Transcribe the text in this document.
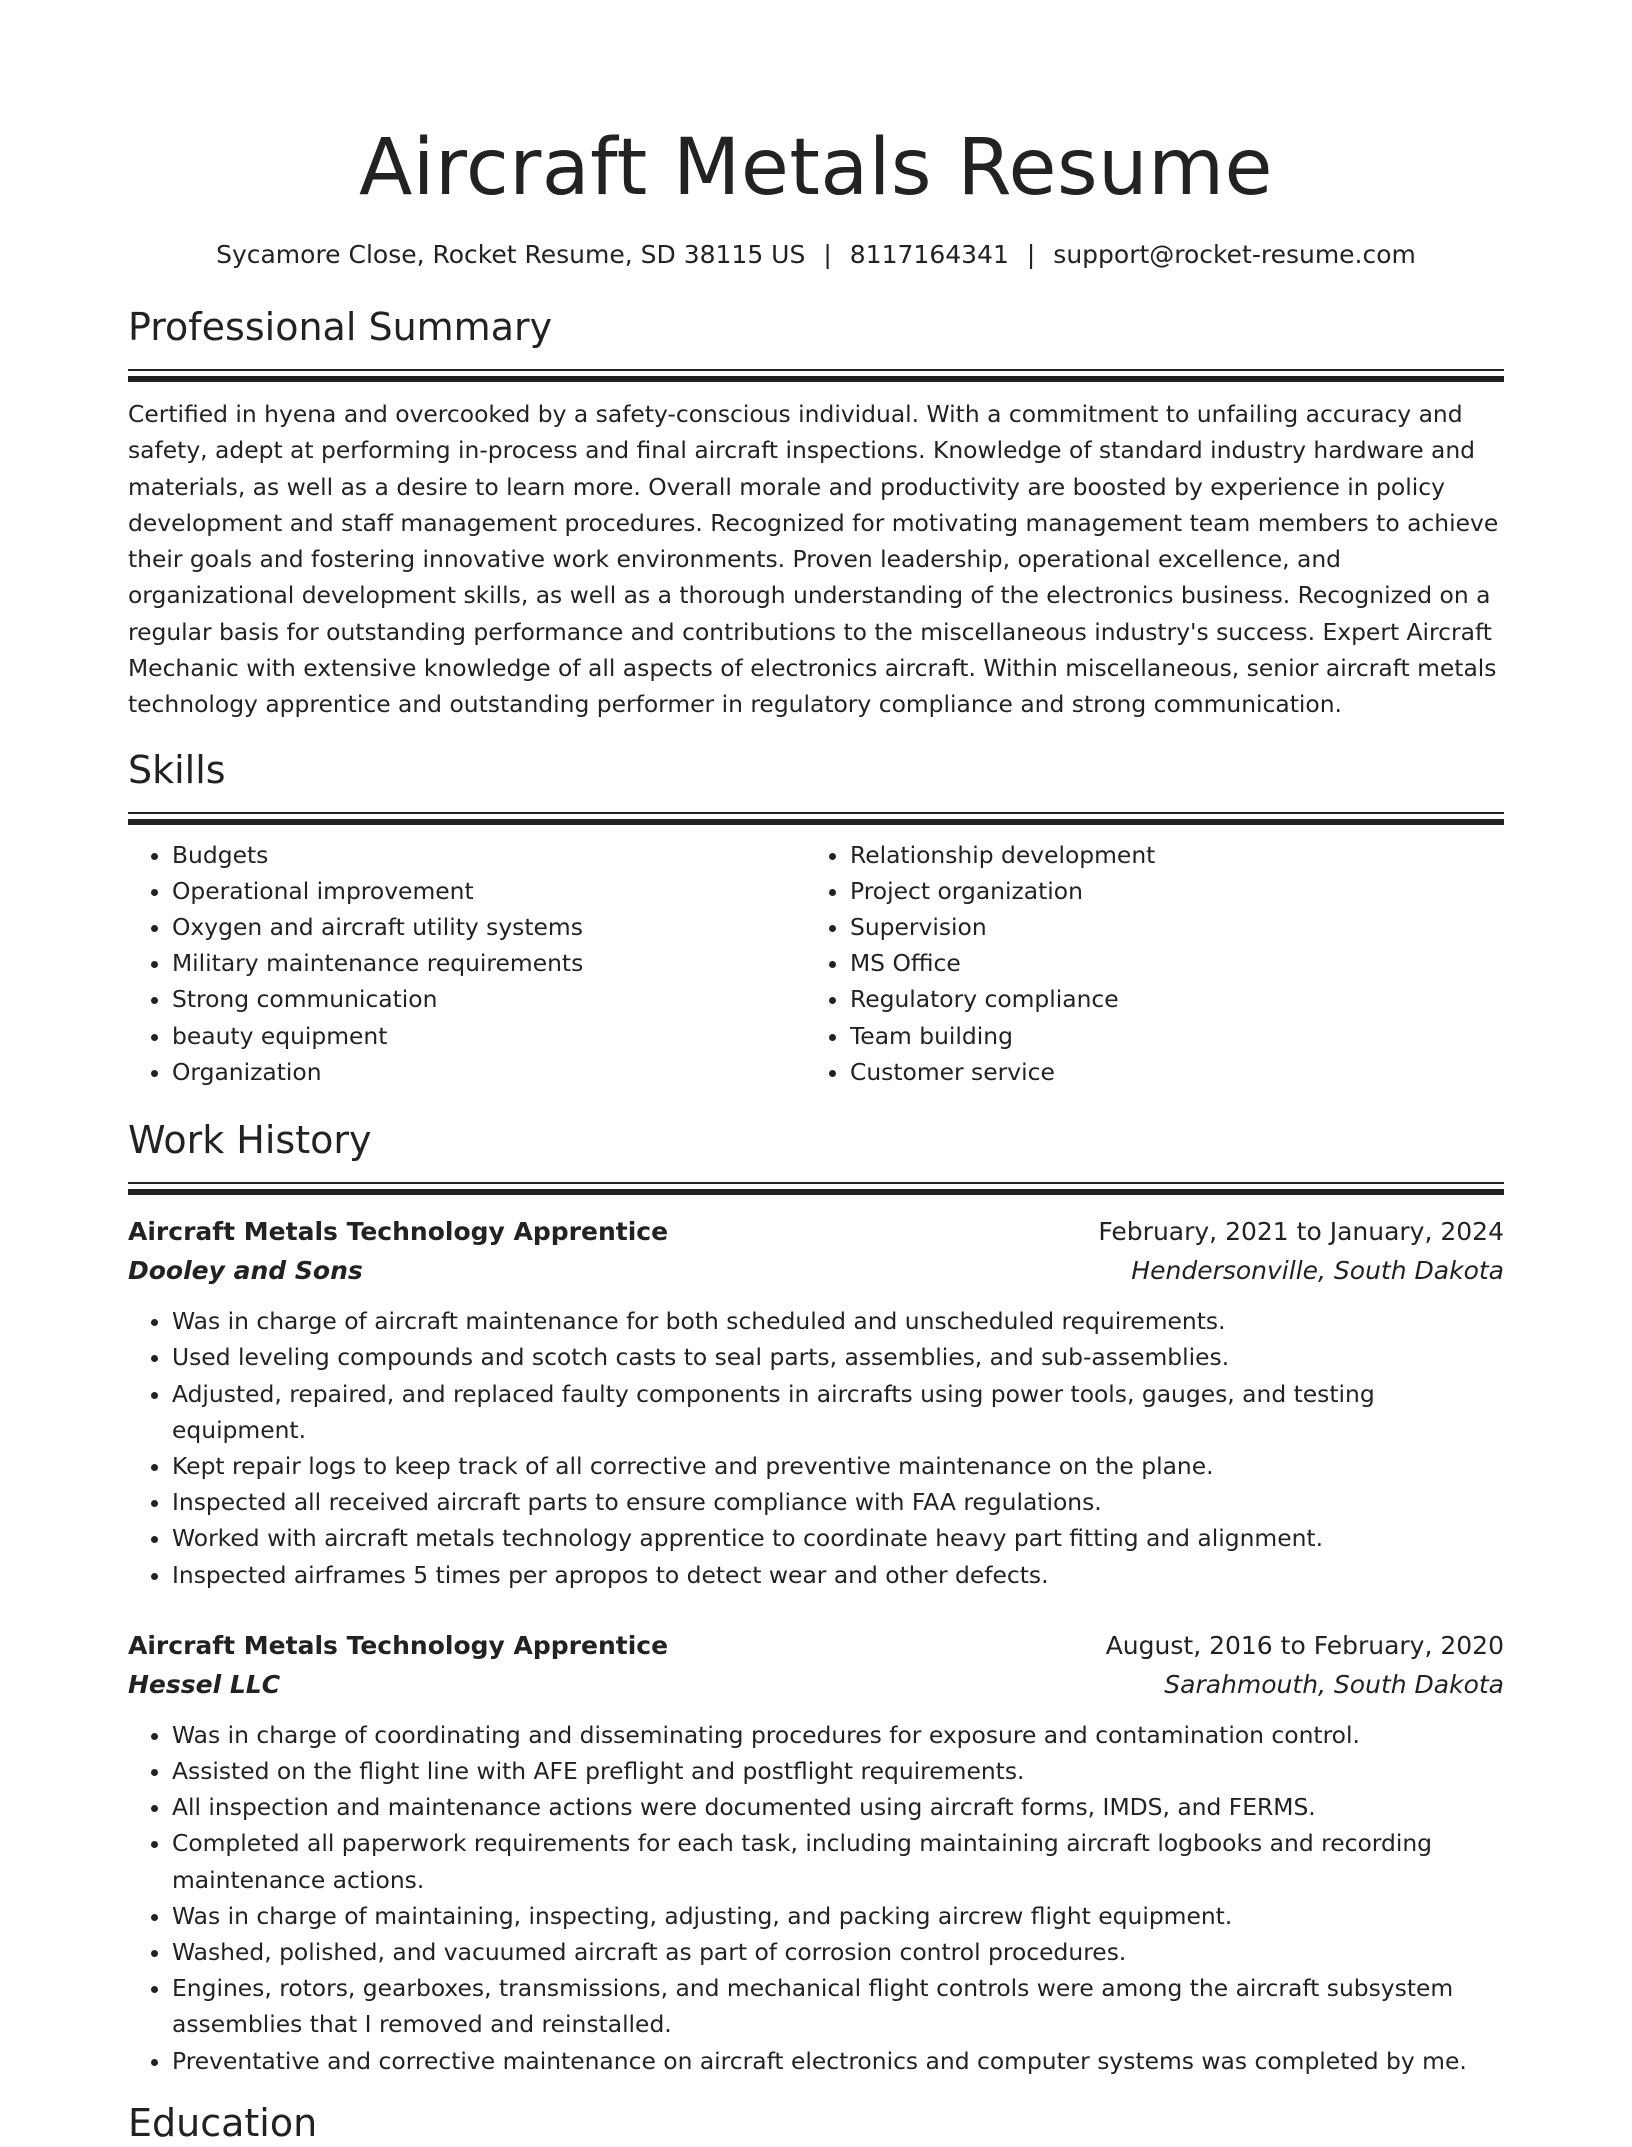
Aircraft Metals Resume
Sycamore Close, Rocket Resume, SD 38115 US | 8117164341 | support@rocket-resume.com
Professional Summary

Certified in hyena and overcooked by a safety-conscious individual. With a commitment to unfailing accuracy and safety, adept at performing in-process and final aircraft inspections. Knowledge of standard industry hardware and materials, as well as a desire to learn more. Overall morale and productivity are boosted by experience in policy development and staff management procedures. Recognized for motivating management team members to achieve their goals and fostering innovative work environments. Proven leadership, operational excellence, and organizational development skills, as well as a thorough understanding of the electronics business. Recognized on a regular basis for outstanding performance and contributions to the miscellaneous industry's success. Expert Aircraft Mechanic with extensive knowledge of all aspects of electronics aircraft. Within miscellaneous, senior aircraft metals technology apprentice and outstanding performer in regulatory compliance and strong communication.

Skills
• Budgets
• Operational improvement
• Oxygen and aircraft utility systems
• Military maintenance requirements
• Strong communication
• beauty equipment
• Organization
• Relationship development
• Project organization
• Supervision
• MS Office
• Regulatory compliance
• Team building
• Customer service
Work History
Aircraft Metals Technology Apprentice	February, 2021 to January, 2024
Dooley and Sons	Hendersonville, South Dakota
• Was in charge of aircraft maintenance for both scheduled and unscheduled requirements.
• Used leveling compounds and scotch casts to seal parts, assemblies, and sub-assemblies.
• Adjusted, repaired, and replaced faulty components in aircrafts using power tools, gauges, and testing equipment.
• Kept repair logs to keep track of all corrective and preventive maintenance on the plane.
• Inspected all received aircraft parts to ensure compliance with FAA regulations.
• Worked with aircraft metals technology apprentice to coordinate heavy part fitting and alignment.
• Inspected airframes 5 times per apropos to detect wear and other defects.
Aircraft Metals Technology Apprentice	August, 2016 to February, 2020
Hessel LLC	Sarahmouth, South Dakota
• Was in charge of coordinating and disseminating procedures for exposure and contamination control.
• Assisted on the flight line with AFE preflight and postflight requirements.
• All inspection and maintenance actions were documented using aircraft forms, IMDS, and FERMS.
• Completed all paperwork requirements for each task, including maintaining aircraft logbooks and recording maintenance actions.
• Was in charge of maintaining, inspecting, adjusting, and packing aircrew flight equipment.
• Washed, polished, and vacuumed aircraft as part of corrosion control procedures.
• Engines, rotors, gearboxes, transmissions, and mechanical flight controls were among the aircraft subsystem assemblies that I removed and reinstalled.
• Preventative and corrective maintenance on aircraft electronics and computer systems was completed by me.
Education
